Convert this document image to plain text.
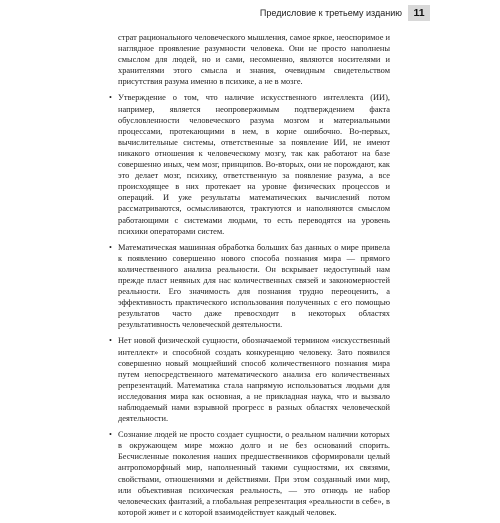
Предисловие к третьему изданию 11

страт рационального человеческого мышления, самое яркое, неоспоримое и наглядное проявление разумности человека. Они не просто наполнены смыслом для людей, но и сами, несомненно, являются носителями и хранителями этого смысла и знания, очевидным свидетельством присутствия разума именно в психике, а не в мозге.

• Утверждение о том, что наличие искусственного интеллекта (ИИ), например, является неопровержимым подтверждением факта обусловленности человеческого разума мозгом и материальными процессами, протекающими в нем, в корне ошибочно. Во-первых, вычислительные системы, ответственные за появление ИИ, не имеют никакого отношения к человеческому мозгу, так как работают на базе совершенно иных, чем мозг, принципов. Во-вторых, они не порождают, как это делает мозг, психику, ответственную за появление разума, а все происходящее в них протекает на уровне физических процессов и операций. И уже результаты математических вычислений потом рассматриваются, осмысливаются, трактуются и наполняются смыслом работающими с системами людьми, то есть переводятся на уровень психики операторами систем.
• Математическая машинная обработка больших баз данных о мире привела к появлению совершенно нового способа познания мира — прямого количественного анализа реальности. Он вскрывает недоступный нам прежде пласт неявных для нас количественных связей и закономерностей реальности. Его значимость для познания трудно переоценить, а эффективность практического использования полученных с его помощью результатов часто даже превосходит в некоторых областях результативность человеческой деятельности.
• Нет новой физической сущности, обозначаемой термином «искусственный интеллект» и способной создать конкуренцию человеку. Зато появился совершенно новый мощнейший способ количественного познания мира путем непосредственного математического анализа его количественных репрезентаций. Математика стала напрямую использоваться людьми для исследования мира как основная, а не прикладная наука, что и вызвало наблюдаемый нами взрывной прогресс в разных областях человеческой деятельности.
• Сознание людей не просто создает сущности, о реальном наличии которых в окружающем мире можно долго и не без оснований спорить. Бесчисленные поколения наших предшественников сформировали целый антропоморфный мир, наполненный такими сущностями, их связями, свойствами, отношениями и действиями. При этом созданный ими мир, или объективная психическая реальность, — это отнюдь не набор человеческих фантазий, а глобальная репрезентация «реальности в себе», в которой живет и с которой взаимодействует каждый человек.
